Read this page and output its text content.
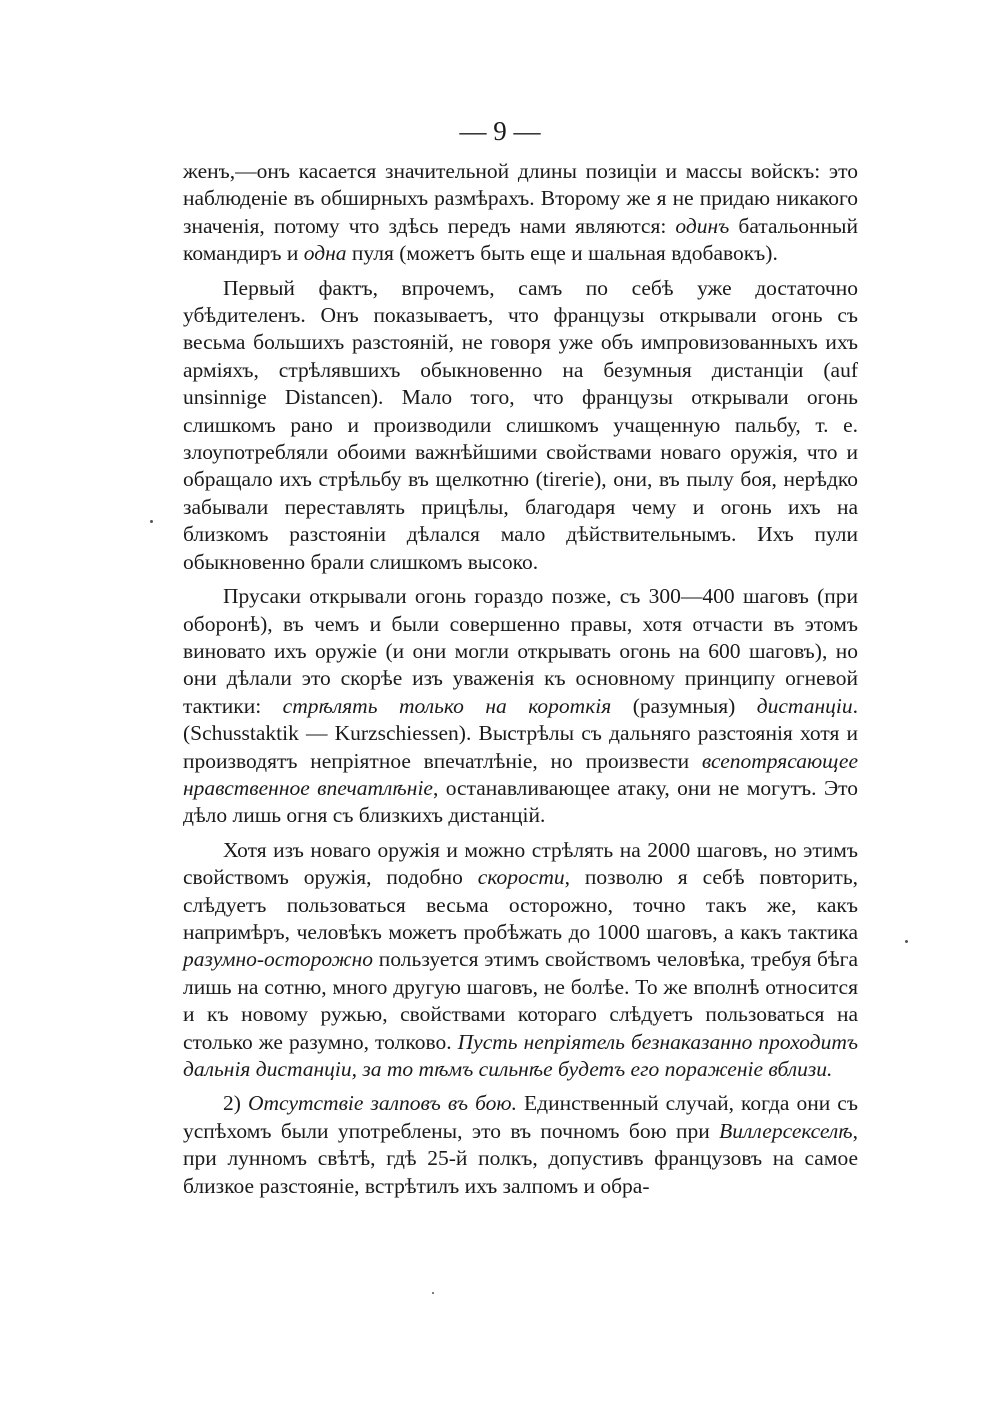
— 9 —

женъ,—онъ касается значительной длины позиціи и массы войскъ: это наблюденіе въ обширныхъ размѣрахъ. Второму же я не придаю никакого значенія, потому что здѣсь передъ нами являются: одинъ батальонный командиръ и одна пуля (можетъ быть еще и шальная вдобавокъ).

Первый фактъ, впрочемъ, самъ по себѣ уже достаточно убѣдителенъ. Онъ показываетъ, что французы открывали огонь съ весьма большихъ разстояній, не говоря уже объ импровизованныхъ ихъ арміяхъ, стрѣлявшихъ обыкновенно на безумныя дистанціи (auf unsinnige Distancen). Мало того, что французы открывали огонь слишкомъ рано и производили слишкомъ учащенную пальбу, т. е. злоупотребляли обоими важнѣйшими свойствами новаго оружія, что и обращало ихъ стрѣльбу въ щелкотню (tirerie), они, въ пылу боя, нерѣдко забывали переставлять прицѣлы, благодаря чему и огонь ихъ на близкомъ разстояніи дѣлался мало дѣйствительнымъ. Ихъ пули обыкновенно брали слишкомъ высоко.

Прусаки открывали огонь гораздо позже, съ 300—400 шаговъ (при оборонѣ), въ чемъ и были совершенно правы, хотя отчасти въ этомъ виновато ихъ оружіе (и они могли открывать огонь на 600 шаговъ), но они дѣлали это скорѣе изъ уваженія къ основному принципу огневой тактики: стрѣлять только на короткія (разумныя) дистанціи. (Schusstaktik — Kurzschiessen). Выстрѣлы съ дальняго разстоянія хотя и производятъ непріятное впечатлѣніе, но произвести всепотрясающее нравственное впечатлѣніе, останавливающее атаку, они не могутъ. Это дѣло лишь огня съ близкихъ дистанцій.

Хотя изъ новаго оружія и можно стрѣлять на 2000 шаговъ, но этимъ свойствомъ оружія, подобно скорости, позволю я себѣ повторить, слѣдуетъ пользоваться весьма осторожно, точно такъ же, какъ напримѣръ, человѣкъ можетъ пробѣжать до 1000 шаговъ, а какъ тактика разумно-осторожно пользуется этимъ свойствомъ человѣка, требуя бѣга лишь на сотню, много другую шаговъ, не болѣе. То же вполнѣ относится и къ новому ружью, свойствами котораго слѣдуетъ пользоваться на столько же разумно, толково. Пусть непріятель безнаказанно проходитъ дальнія дистанціи, за то тѣмъ сильнѣе будетъ его пораженіе вблизи.

2) Отсутствіе залповъ въ бою. Единственный случай, когда они съ успѣхомъ были употреблены, это въ почномъ бою при Виллерсекселѣ, при лунномъ свѣтѣ, гдѣ 25-й полкъ, допустивъ французовъ на самое близкое разстояніе, встрѣтилъ ихъ залпомъ и обра-
